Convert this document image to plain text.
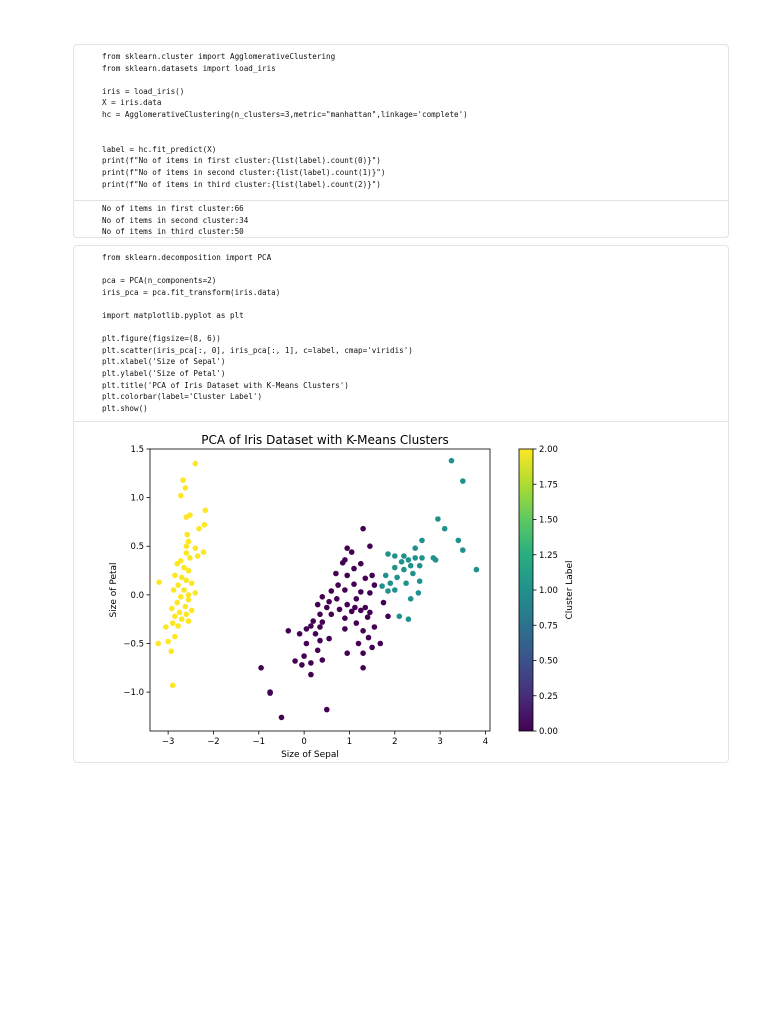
from sklearn.cluster import AgglomerativeClustering
from sklearn.datasets import load_iris
iris = load_iris()
X = iris.data
hc = AgglomerativeClustering(n_clusters=3,metric="manhattan",linkage='complete')
label = hc.fit_predict(X)
print(f"No of items in first cluster:{list(label).count(0)}")
print(f"No of items in second cluster:{list(label).count(1)}")
print(f"No of items in third cluster:{list(label).count(2)}")
No of items in first cluster:66
No of items in second cluster:34
No of items in third cluster:50
from sklearn.decomposition import PCA
pca = PCA(n_components=2)
iris_pca = pca.fit_transform(iris.data)
import matplotlib.pyplot as plt
plt.figure(figsize=(8, 6))
plt.scatter(iris_pca[:, 0], iris_pca[:, 1], c=label, cmap='viridis')
plt.xlabel('Size of Sepal')
plt.ylabel('Size of Petal')
plt.title('PCA of Iris Dataset with K-Means Clusters')
plt.colorbar(label='Cluster Label')
plt.show()
PCA of Iris Dataset with K-Means Clusters
−3	−2	−1	0	1	2	3	4
−1.0
−0.5
0.0
0.5
1.0
1.5
Size of Sepal
Size of Petal
0.00
0.25
0.50
0.75
1.00
1.25
1.50
1.75
2.00
Cluster Label
